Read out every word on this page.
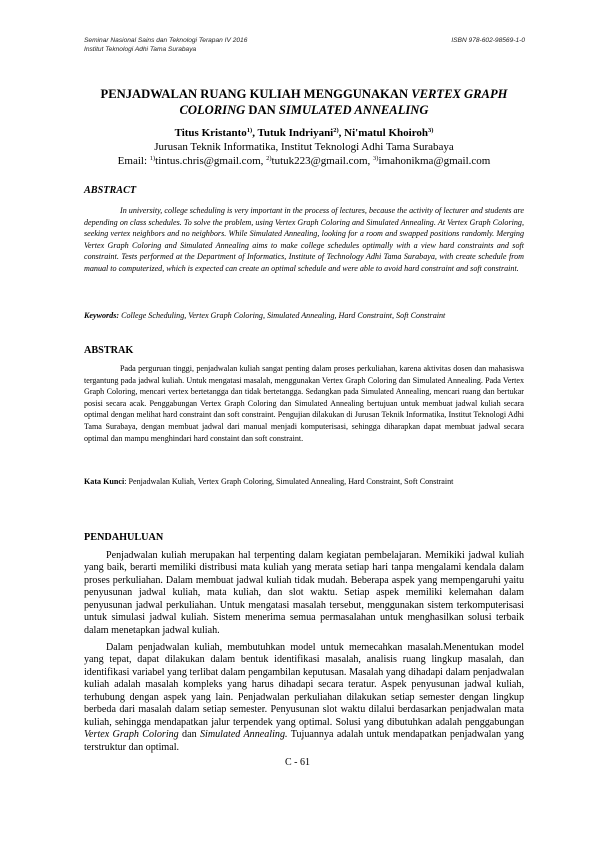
Seminar Nasional Sains dan Teknologi Terapan IV 2016
Institut Teknologi Adhi Tama Surabaya
ISBN 978-602-98569-1-0
PENJADWALAN RUANG KULIAH MENGGUNAKAN VERTEX GRAPH COLORING DAN SIMULATED ANNEALING
Titus Kristanto$^{1)}$, Tutuk Indriyani$^{2)}$, Ni'matul Khoiroh$^{3)}$
Jurusan Teknik Informatika, Institut Teknologi Adhi Tama Surabaya
Email: $^{1)}$tintus.chris@gmail.com, $^{2)}$tutuk223@gmail.com, $^{3)}$imahonikma@gmail.com
ABSTRACT
In university, college scheduling is very important in the process of lectures, because the activity of lecturer and students are depending on class schedules. To solve the problem, using Vertex Graph Coloring and Simulated Annealing. At Vertex Graph Coloring, seeking vertex neighbors and no neighbors. While Simulated Annealing, looking for a room and swapped positions randomly. Merging Vertex Graph Coloring and Simulated Annealing aims to make college schedules optimally with a view hard constraints and soft constraint. Tests performed at the Department of Informatics, Institute of Technology Adhi Tama Surabaya, with create schedule from manual to computerized, which is expected can create an optimal schedule and were able to avoid hard constraint and soft constraint.
Keywords: College Scheduling, Vertex Graph Coloring, Simulated Annealing, Hard Constraint, Soft Constraint
ABSTRAK
Pada perguruan tinggi, penjadwalan kuliah sangat penting dalam proses perkuliahan, karena aktivitas dosen dan mahasiswa tergantung pada jadwal kuliah. Untuk mengatasi masalah, menggunakan Vertex Graph Coloring dan Simulated Annealing. Pada Vertex Graph Coloring, mencari vertex bertetangga dan tidak bertetangga. Sedangkan pada Simulated Annealing, mencari ruang dan bertukar posisi secara acak. Penggabungan Vertex Graph Coloring dan Simulated Annealing bertujuan untuk membuat jadwal kuliah secara optimal dengan melihat hard constraint dan soft constraint. Pengujian dilakukan di Jurusan Teknik Informatika, Institut Teknologi Adhi Tama Surabaya, dengan membuat jadwal dari manual menjadi komputerisasi, sehingga diharapkan dapat membuat jadwal secara optimal dan mampu menghindari hard constaint dan soft constraint.
Kata Kunci: Penjadwalan Kuliah, Vertex Graph Coloring, Simulated Annealing, Hard Constraint, Soft Constraint
PENDAHULUAN
Penjadwalan kuliah merupakan hal terpenting dalam kegiatan pembelajaran. Memikiki jadwal kuliah yang baik, berarti memiliki distribusi mata kuliah yang merata setiap hari tanpa mengalami kendala dalam proses perkuliahan. Dalam membuat jadwal kuliah tidak mudah. Beberapa aspek yang mempengaruhi yaitu penyusunan jadwal kuliah, mata kuliah, dan slot waktu. Setiap aspek memiliki kelemahan dalam penyusunan jadwal perkuliahan. Untuk mengatasi masalah tersebut, menggunakan sistem terkomputerisasi untuk simulasi jadwal kuliah. Sistem menerima semua permasalahan untuk menghasilkan solusi terbaik dalam menetapkan jadwal kuliah.
Dalam penjadwalan kuliah, membutuhkan model untuk memecahkan masalah.Menentukan model yang tepat, dapat dilakukan dalam bentuk identifikasi masalah, analisis ruang lingkup masalah, dan identifikasi variabel yang terlibat dalam pengambilan keputusan. Masalah yang dihadapi dalam penjadwalan kuliah adalah masalah kompleks yang harus dihadapi secara teratur. Aspek penyusunan jadwal kuliah, terhubung dengan aspek yang lain. Penjadwalan perkuliahan dilakukan setiap semester dengan lingkup berbeda dari masalah dalam setiap semester. Penyusunan slot waktu dilalui berdasarkan penjadwalan mata kuliah, sehingga mendapatkan jalur terpendek yang optimal. Solusi yang dibutuhkan adalah penggabungan Vertex Graph Coloring dan Simulated Annealing. Tujuannya adalah untuk mendapatkan penjadwalan yang terstruktur dan optimal.
C - 61
